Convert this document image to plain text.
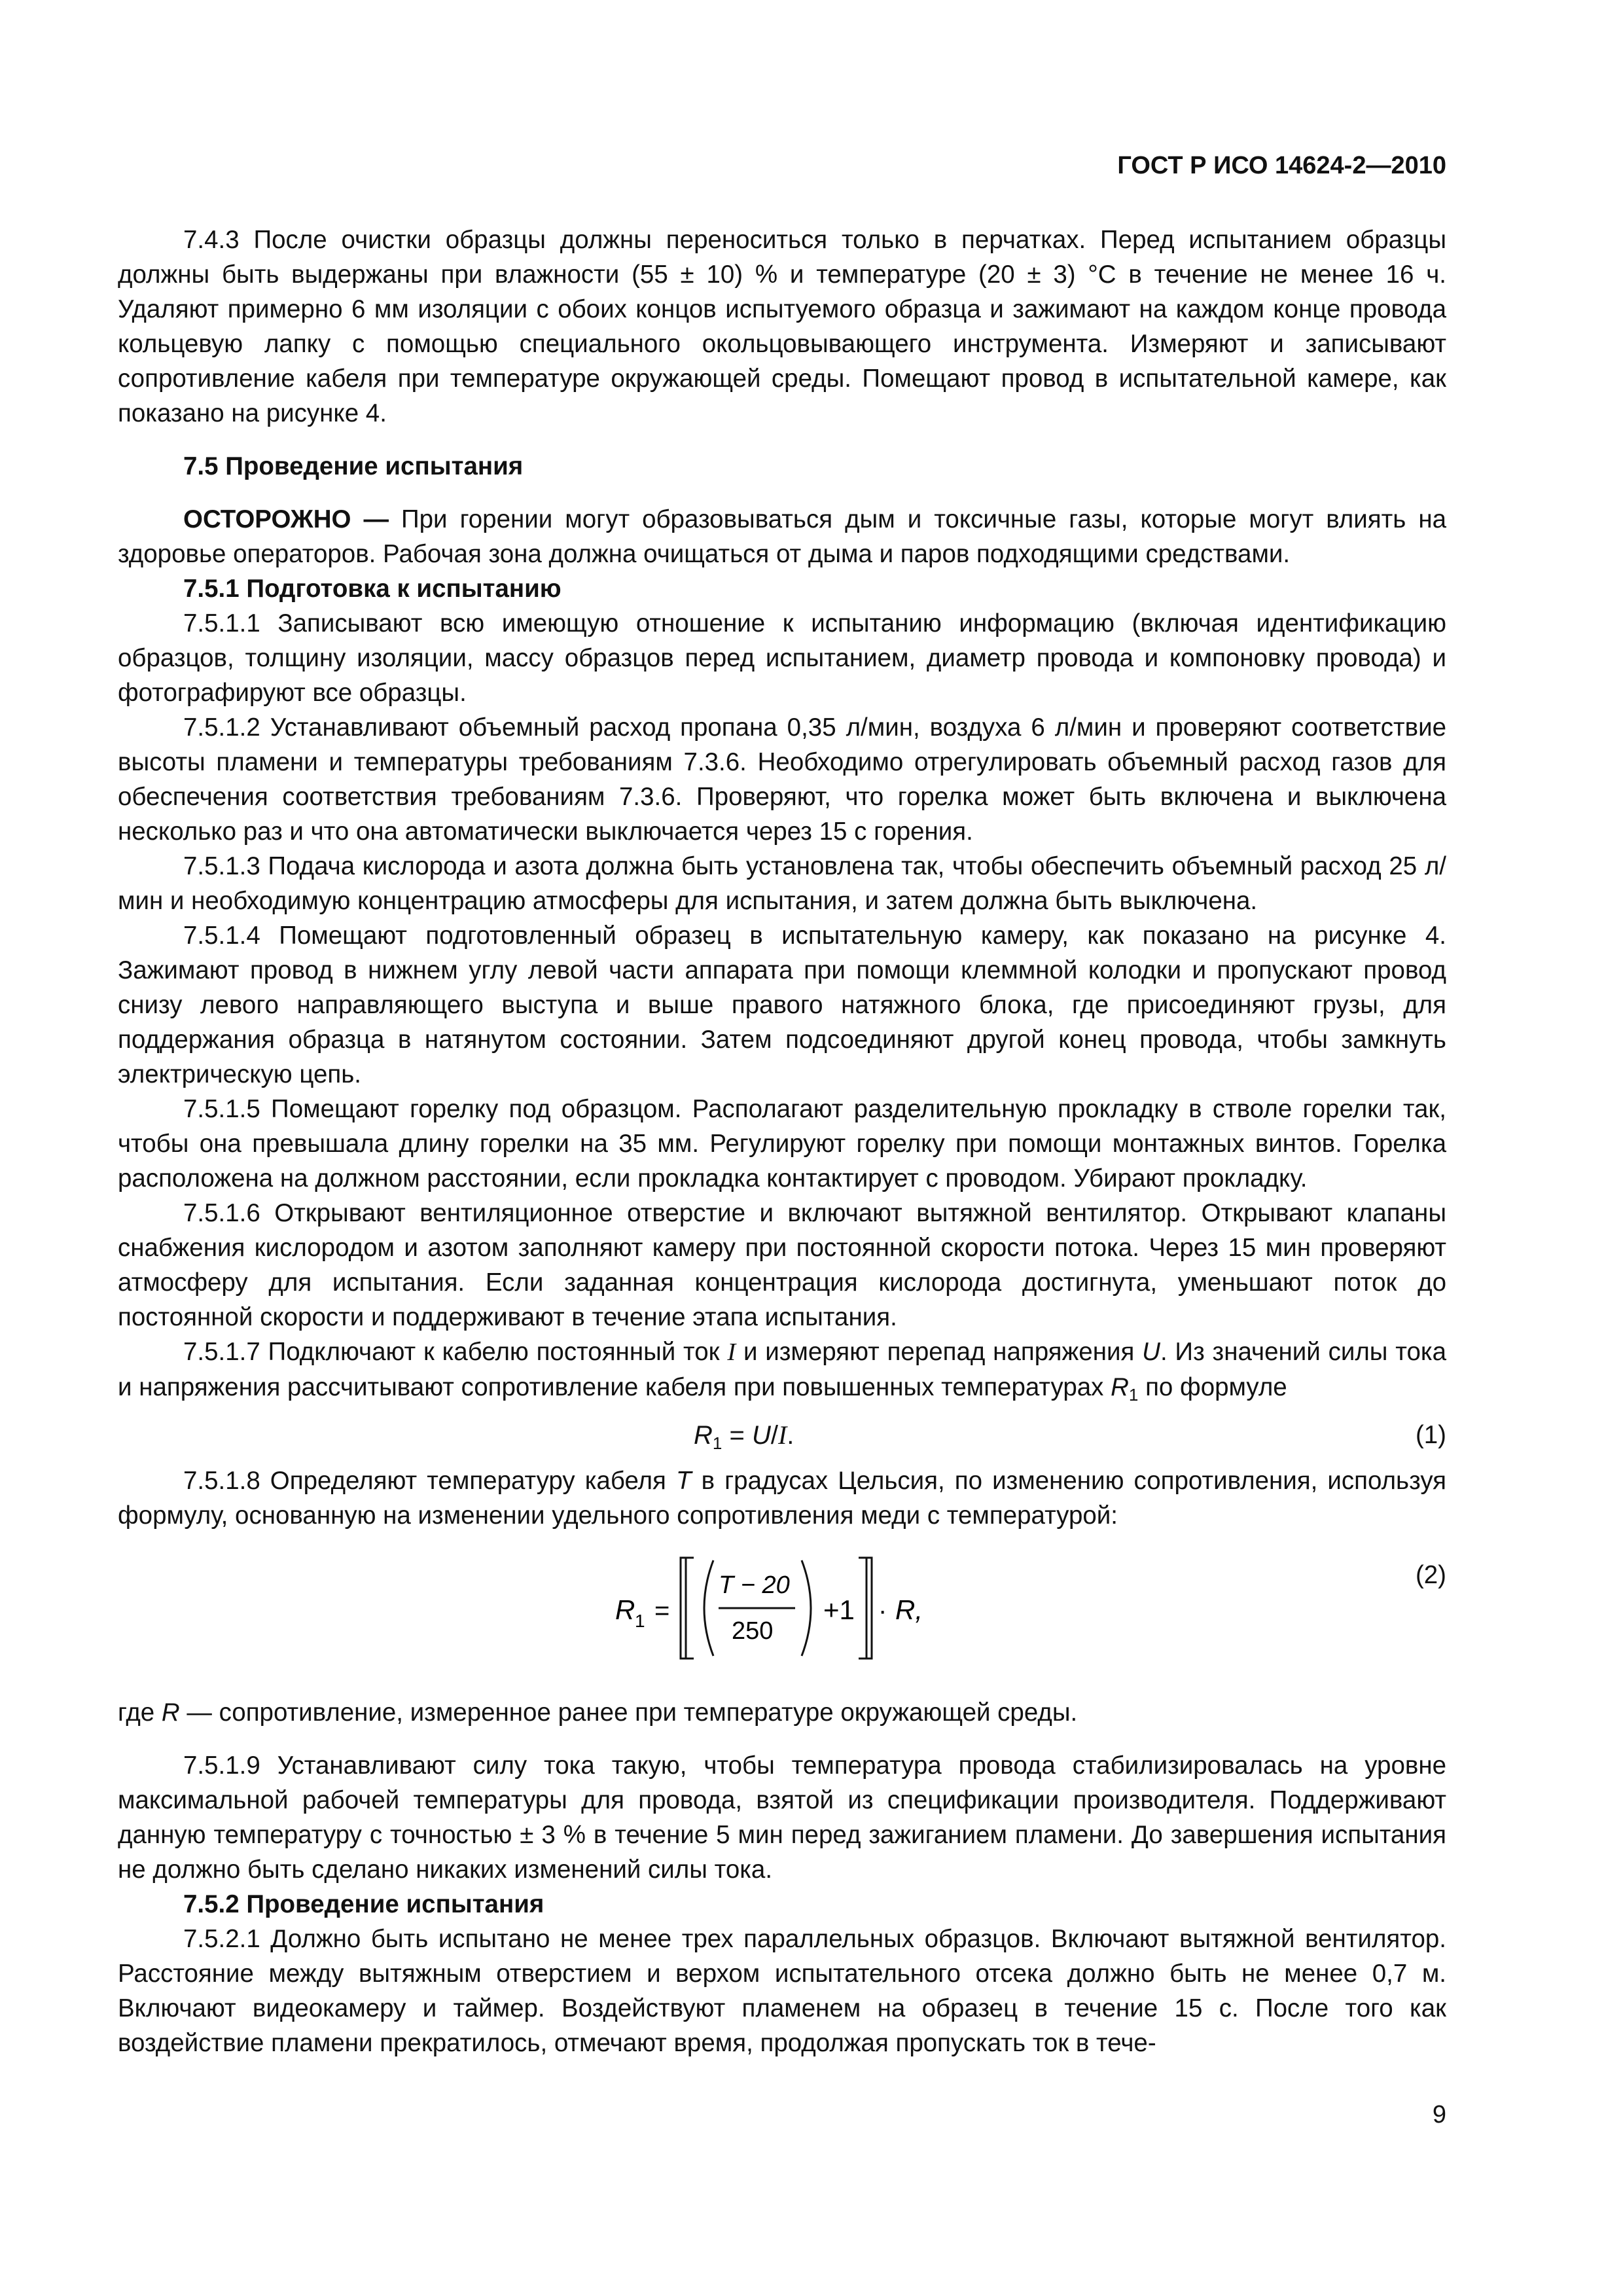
ГОСТ Р ИСО 14624-2—2010

7.4.3 После очистки образцы должны переноситься только в перчатках. Перед испытанием образцы должны быть выдержаны при влажности (55 ± 10) % и температуре (20 ± 3) °С в течение не менее 16 ч. Удаляют примерно 6 мм изоляции с обоих концов испытуемого образца и зажимают на каждом конце провода кольцевую лапку с помощью специального окольцовывающего инструмента. Измеряют и записывают сопротивление кабеля при температуре окружающей среды. Помещают провод в испытательной камере, как показано на рисунке 4.

7.5 Проведение испытания

ОСТОРОЖНО — При горении могут образовываться дым и токсичные газы, которые могут влиять на здоровье операторов. Рабочая зона должна очищаться от дыма и паров подходящими средствами.

7.5.1 Подготовка к испытанию

7.5.1.1 Записывают всю имеющую отношение к испытанию информацию (включая идентификацию образцов, толщину изоляции, массу образцов перед испытанием, диаметр провода и компоновку провода) и фотографируют все образцы.

7.5.1.2 Устанавливают объемный расход пропана 0,35 л/мин, воздуха 6 л/мин и проверяют соответствие высоты пламени и температуры требованиям 7.3.6. Необходимо отрегулировать объемный расход газов для обеспечения соответствия требованиям 7.3.6. Проверяют, что горелка может быть включена и выключена несколько раз и что она автоматически выключается через 15 с горения.

7.5.1.3 Подача кислорода и азота должна быть установлена так, чтобы обеспечить объемный расход 25 л/мин и необходимую концентрацию атмосферы для испытания, и затем должна быть выключена.

7.5.1.4 Помещают подготовленный образец в испытательную камеру, как показано на рисунке 4. Зажимают провод в нижнем углу левой части аппарата при помощи клеммной колодки и пропускают провод снизу левого направляющего выступа и выше правого натяжного блока, где присоединяют грузы, для поддержания образца в натянутом состоянии. Затем подсоединяют другой конец провода, чтобы замкнуть электрическую цепь.

7.5.1.5 Помещают горелку под образцом. Располагают разделительную прокладку в стволе горелки так, чтобы она превышала длину горелки на 35 мм. Регулируют горелку при помощи монтажных винтов. Горелка расположена на должном расстоянии, если прокладка контактирует с проводом. Убирают прокладку.

7.5.1.6 Открывают вентиляционное отверстие и включают вытяжной вентилятор. Открывают клапаны снабжения кислородом и азотом заполняют камеру при постоянной скорости потока. Через 15 мин проверяют атмосферу для испытания. Если заданная концентрация кислорода достигнута, уменьшают поток до постоянной скорости и поддерживают в течение этапа испытания.

7.5.1.7 Подключают к кабелю постоянный ток I и измеряют перепад напряжения U. Из значений силы тока и напряжения рассчитывают сопротивление кабеля при повышенных температурах $R_1$ по формуле

$R_1 = U/I$.	(1)

7.5.1.8 Определяют температуру кабеля T в градусах Цельсия, по изменению сопротивления, используя формулу, основанную на изменении удельного сопротивления меди с температурой:

R 1 =
T − 20
250
+1 · R,
(2)

где R — сопротивление, измеренное ранее при температуре окружающей среды.

7.5.1.9 Устанавливают силу тока такую, чтобы температура провода стабилизировалась на уровне максимальной рабочей температуры для провода, взятой из спецификации производителя. Поддерживают данную температуру с точностью ± 3 % в течение 5 мин перед зажиганием пламени. До завершения испытания не должно быть сделано никаких изменений силы тока.

7.5.2 Проведение испытания

7.5.2.1 Должно быть испытано не менее трех параллельных образцов. Включают вытяжной вентилятор. Расстояние между вытяжным отверстием и верхом испытательного отсека должно быть не менее 0,7 м. Включают видеокамеру и таймер. Воздействуют пламенем на образец в течение 15 с. После того как воздействие пламени прекратилось, отмечают время, продолжая пропускать ток в тече-

9
